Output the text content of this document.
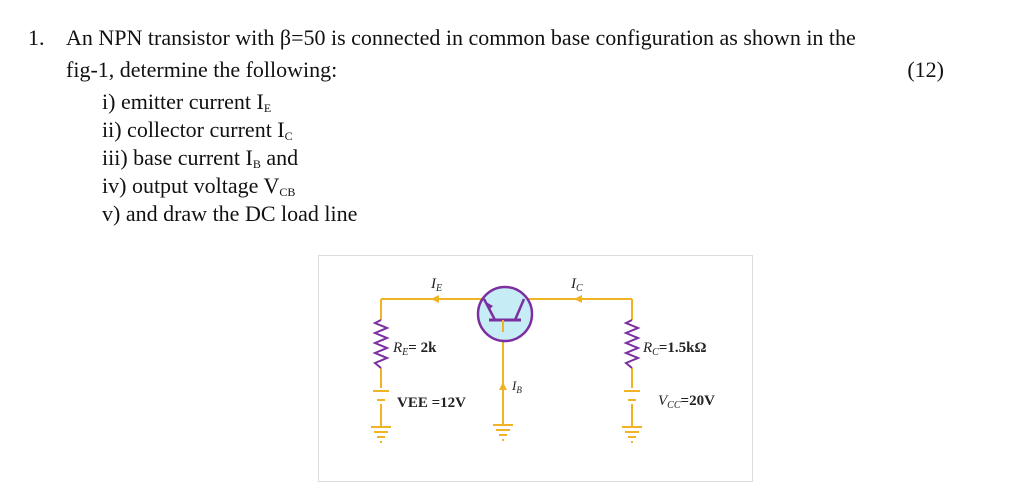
1. An NPN transistor with β=50 is connected in common base configuration as shown in the
fig-1, determine the following:	(12)
i) emitter current $I_E$
ii) collector current $I_C$
iii) base current $I_B$ and
iv) output voltage $V_{CB}$
v) and draw the DC load line
$I_E$	$I_C$
$I_B$
$R_E= 2k$	$R_C=1.5k\Omega$
VEE =12V	$V_{CC}=20V$
